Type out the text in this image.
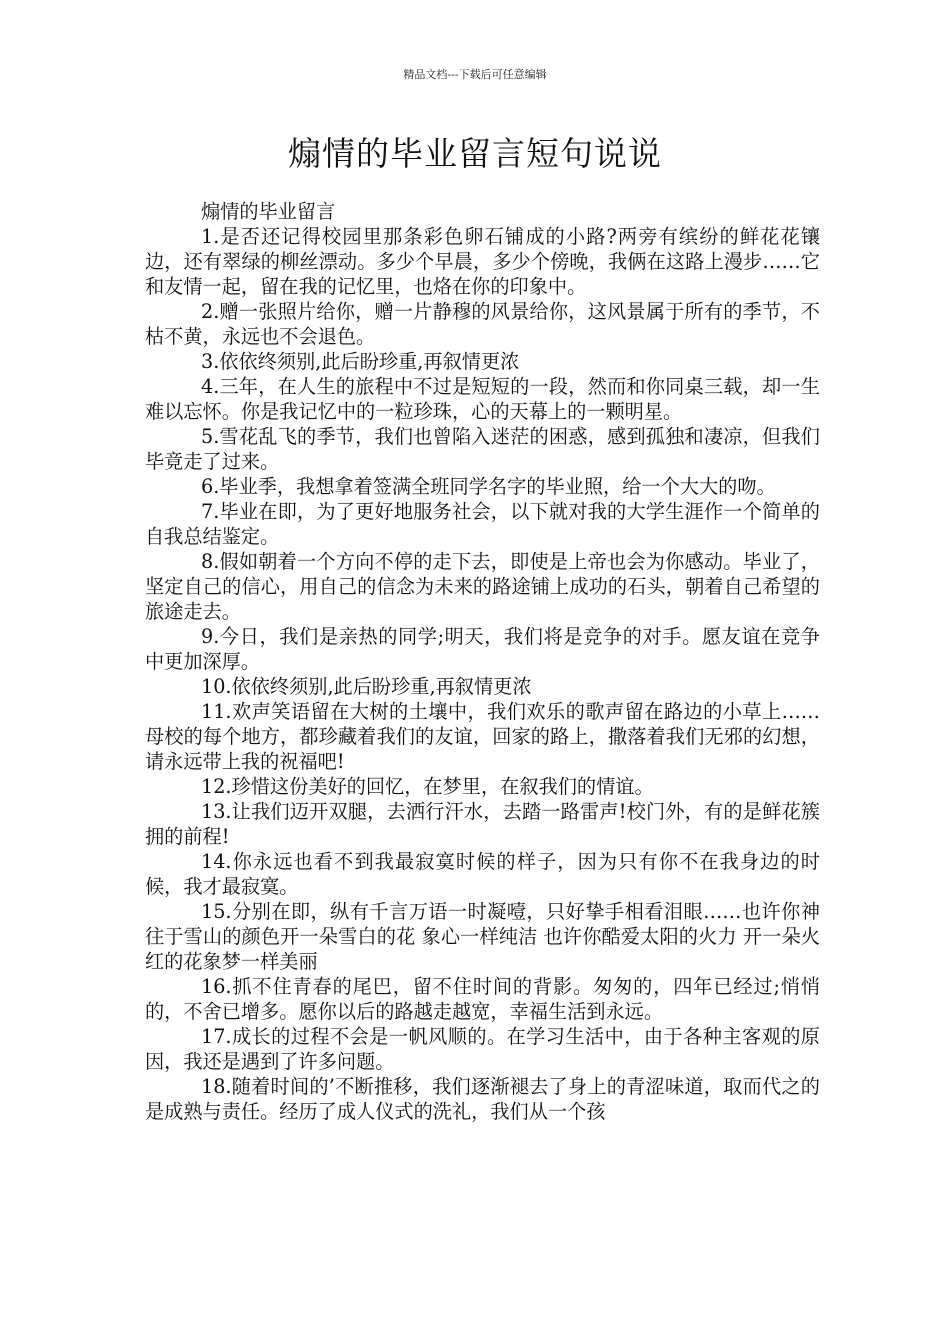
精品文档---下载后可任意编辑
煽情的毕业留言短句说说

煽情的毕业留言

1.是否还记得校园里那条彩色卵石铺成的小路?两旁有缤纷的鲜花花镶边，还有翠绿的柳丝漂动。多少个早晨，多少个傍晚，我俩在这路上漫步……它和友情一起，留在我的记忆里，也烙在你的印象中。

2.赠一张照片给你，赠一片静穆的风景给你，这风景属于所有的季节，不枯不黄，永远也不会退色。

3.依依终须别,此后盼珍重,再叙情更浓

4.三年，在人生的旅程中不过是短短的一段，然而和你同桌三载，却一生难以忘怀。你是我记忆中的一粒珍珠，心的天幕上的一颗明星。

5.雪花乱飞的季节，我们也曾陷入迷茫的困惑，感到孤独和凄凉，但我们毕竟走了过来。

6.毕业季，我想拿着签满全班同学名字的毕业照，给一个大大的吻。

7.毕业在即，为了更好地服务社会，以下就对我的大学生涯作一个简单的自我总结鉴定。

8.假如朝着一个方向不停的走下去，即使是上帝也会为你感动。毕业了，坚定自己的信心，用自己的信念为未来的路途铺上成功的石头，朝着自己希望的旅途走去。

9.今日，我们是亲热的同学;明天，我们将是竞争的对手。愿友谊在竞争中更加深厚。

10.依依终须别,此后盼珍重,再叙情更浓

11.欢声笑语留在大树的土壤中，我们欢乐的歌声留在路边的小草上……母校的每个地方，都珍藏着我们的友谊，回家的路上，撒落着我们无邪的幻想，请永远带上我的祝福吧!

12.珍惜这份美好的回忆，在梦里，在叙我们的情谊。

13.让我们迈开双腿，去洒行汗水，去踏一路雷声!校门外，有的是鲜花簇拥的前程!

14.你永远也看不到我最寂寞时候的样子，因为只有你不在我身边的时候，我才最寂寞。

15.分别在即，纵有千言万语一时凝噎，只好挚手相看泪眼……也许你神往于雪山的颜色开一朵雪白的花 象心一样纯洁 也许你酷爱太阳的火力 开一朵火红的花象梦一样美丽

16.抓不住青春的尾巴，留不住时间的背影。匆匆的，四年已经过;悄悄的，不舍已增多。愿你以后的路越走越宽，幸福生活到永远。

17.成长的过程不会是一帆风顺的。在学习生活中，由于各种主客观的原因，我还是遇到了许多问题。

18.随着时间的’不断推移，我们逐渐褪去了身上的青涩味道，取而代之的是成熟与责任。经历了成人仪式的洗礼，我们从一个孩
